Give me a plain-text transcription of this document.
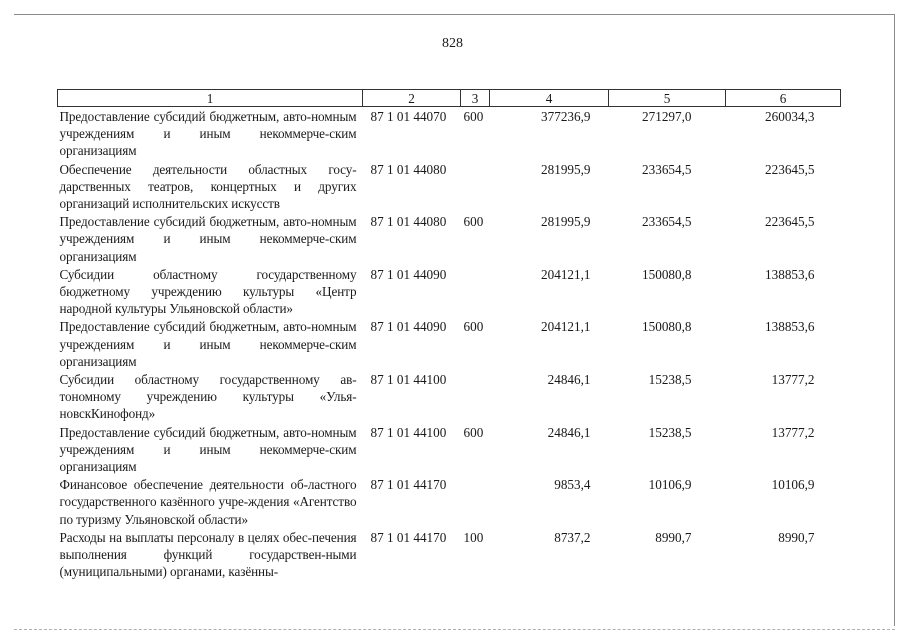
828
1	2	3	4	5	6
Предоставление субсидий бюджетным, авто-номным учреждениям и иным некоммерче-ским организациям	87 1 01 44070	600	377236,9	271297,0	260034,3
Обеспечение деятельности областных госу-дарственных театров, концертных и других организаций исполнительских искусств	87 1 01 44080		281995,9	233654,5	223645,5
Предоставление субсидий бюджетным, авто-номным учреждениям и иным некоммерче-ским организациям	87 1 01 44080	600	281995,9	233654,5	223645,5
Субсидии областному государственному бюджетному учреждению культуры «Центр народной культуры Ульяновской области»	87 1 01 44090		204121,1	150080,8	138853,6
Предоставление субсидий бюджетным, авто-номным учреждениям и иным некоммерче-ским организациям	87 1 01 44090	600	204121,1	150080,8	138853,6
Субсидии областному государственному ав-тономному учреждению культуры «Улья-новскКинофонд»	87 1 01 44100		24846,1	15238,5	13777,2
Предоставление субсидий бюджетным, авто-номным учреждениям и иным некоммерче-ским организациям	87 1 01 44100	600	24846,1	15238,5	13777,2
Финансовое обеспечение деятельности об-ластного государственного казённого учре-ждения «Агентство по туризму Ульяновской области»	87 1 01 44170		9853,4	10106,9	10106,9
Расходы на выплаты персоналу в целях обес-печения выполнения функций государствен-ными (муниципальными) органами, казённы-	87 1 01 44170	100	8737,2	8990,7	8990,7
